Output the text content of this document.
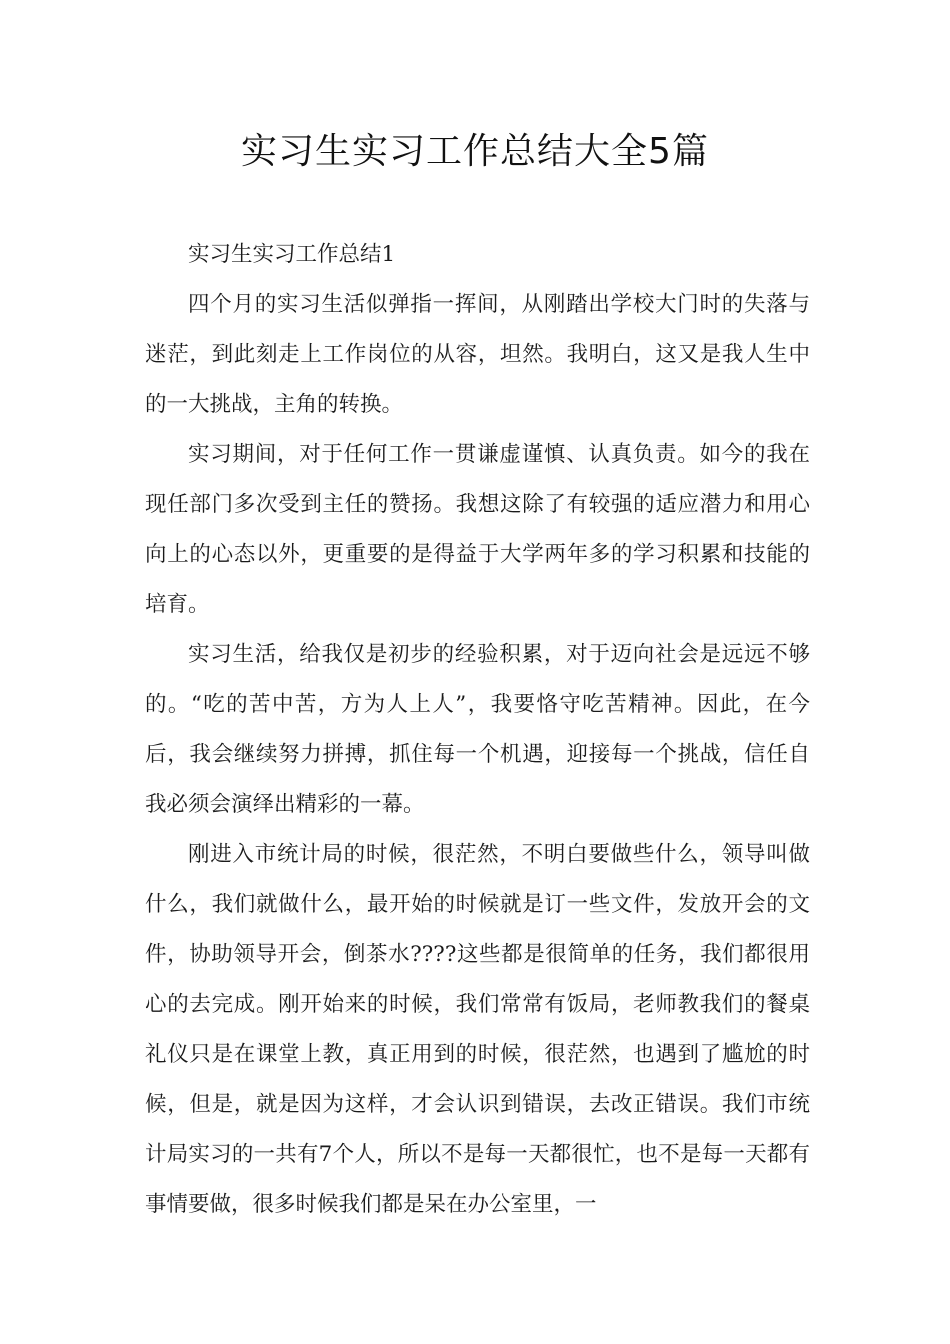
实习生实习工作总结大全5篇

实习生实习工作总结1

四个月的实习生活似弹指一挥间，从刚踏出学校大门时的失落与迷茫，到此刻走上工作岗位的从容，坦然。我明白，这又是我人生中的一大挑战，主角的转换。

实习期间，对于任何工作一贯谦虚谨慎、认真负责。如今的我在现任部门多次受到主任的赞扬。我想这除了有较强的适应潜力和用心向上的心态以外，更重要的是得益于大学两年多的学习积累和技能的培育。

实习生活，给我仅是初步的经验积累，对于迈向社会是远远不够的。“吃的苦中苦，方为人上人”，我要恪守吃苦精神。因此，在今后，我会继续努力拼搏，抓住每一个机遇，迎接每一个挑战，信任自我必须会演绎出精彩的一幕。

刚进入市统计局的时候，很茫然，不明白要做些什么，领导叫做什么，我们就做什么，最开始的时候就是订一些文件，发放开会的文件，协助领导开会，倒茶水????这些都是很简单的任务，我们都很用心的去完成。刚开始来的时候，我们常常有饭局，老师教我们的餐桌礼仪只是在课堂上教，真正用到的时候，很茫然，也遇到了尴尬的时候，但是，就是因为这样，才会认识到错误，去改正错误。我们市统计局实习的一共有7个人，所以不是每一天都很忙，也不是每一天都有事情要做，很多时候我们都是呆在办公室里，一
